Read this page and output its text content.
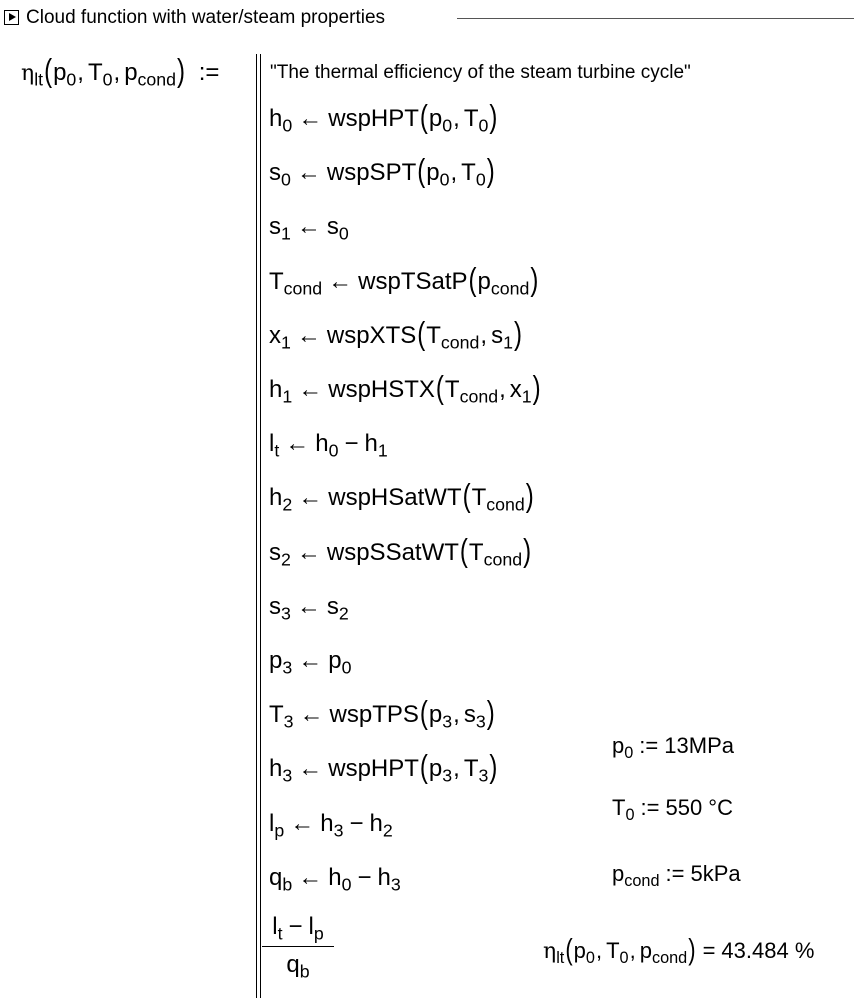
Cloud function with water/steam properties
$\eta_{lt}(p_0$, $T_0$, $p_{cond}$) :=	"The thermal efficiency of the steam turbine cycle"
$h_0$ ← $wspHPT(p_0$, $T_0$)
$s_0$ ← $wspSPT(p_0$, $T_0$)
$s_1$ ← $s_0$
$T_{cond}$ ← $wspTSatP(p_{cond})$
$x_1$ ← $wspXTS(T_{cond}$, $s_1$)
$h_1$ ← $wspHSTX(T_{cond}$, $x_1$)
$l_t$ ← $h_0 - h_1$
$h_2$ ← $wspHSatWT(T_{cond})$
$s_2$ ← $wspSSatWT(T_{cond})$
$s_3$ ← $s_2$
$p_3$ ← $p_0$
$T_3$ ← $wspTPS(p_3$, $s_3$)
$h_3$ ← $wspHPT(p_3$, $T_3$)
$l_p$ ← $h_3 - h_2$
$q_b$ ← $h_0 - h_3$
$l_t - l_p$
$q_b$
$p_0$ := 13MPa
$T_0$ := 550 °C
$p_{cond}$ := 5kPa
$\eta_{lt}(p_0$, $T_0$, $p_{cond}) = 43.484$ %
